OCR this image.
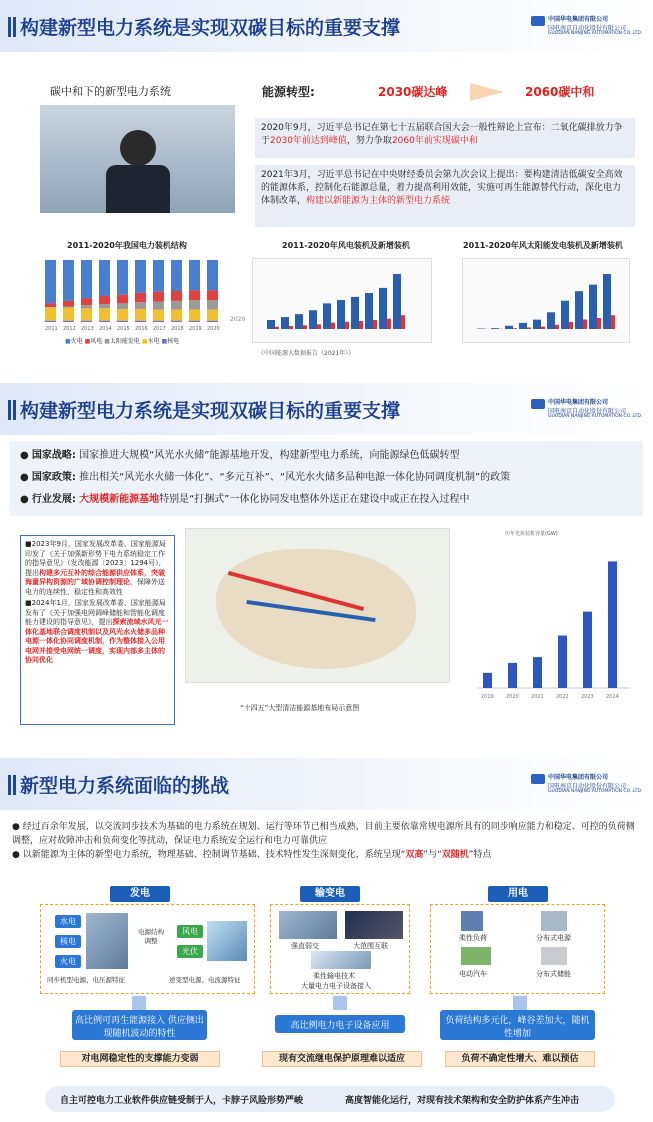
构建新型电力系统是实现双碳目标的重要支撑	中国华电集团有限公司
国电南京自动化股份有限公司
GUODIAN NANJING AUTOMATION CO.,LTD.
碳中和下的新型电力系统	能源转型:	2030碳达峰	2060碳中和
2020年9月，习近平总书记在第七十五届联合国大会一般性辩论上宣布：二氧化碳排放力争于2030年前达到峰值，努力争取2060年前实现碳中和
2021年3月，习近平总书记在中央财经委员会第九次会议上提出：要构建清洁低碳安全高效的能源体系，控制化石能源总量，着力提高利用效能，实施可再生能源替代行动，深化电力体制改革，构建以新能源为主体的新型电力系统
2011-2020年我国电力装机结构	2011-2020年风电装机及新增装机	2011-2020年风太阳能发电装机及新增装机
2011 2012 2013 2014 2015 2016 2017 2018 2019 2020
■火电 ■风电 ■太阳能发电 ■水电 ■核电
2020
《中国能源大数据报告（2021年）》
构建新型电力系统是实现双碳目标的重要支撑	中国华电集团有限公司
国电南京自动化股份有限公司
GUODIAN NANJING AUTOMATION CO.,LTD.
● 国家战略: 国家推进大规模“风光水火储”能源基地开发，构建新型电力系统，向能源绿色低碳转型
● 国家政策: 推出相关“风光水火储一体化”、“多元互补”、“风光水火储多品种电源一体化协同调度机制”的政策
● 行业发展: 大规模新能源基地特别是“打捆式”一体化协同发电整体外送正在建设中或正在投入过程中
■2023年9月，国家发展改革委、国家能源局印发了《关于加强新形势下电力系统稳定工作的指导意见》（发改能源〔2023〕1294号），提出构建多元互补的综合能源供应体系，突破海量异构资源的广域协调控制理论，保障外送电力的连续性、稳定性和高效性
■2024年1月，国家发展改革委、国家能源局发布了《关于加强电网调峰储能和智能化调度能力建设的指导意见》，提出探索流域水风光一体化基地联合调度机制以及风光水火储多品种电源一体化协同调度机制，作为整体接入公用电网并接受电网统一调度，实现内部多主体的协同优化
“十四五”大型清洁能源基地布局示意图
历年光伏装机容量(GW)
2019 2020 2021 2022 2023 2024
新型电力系统面临的挑战	中国华电集团有限公司
国电南京自动化股份有限公司
GUODIAN NANJING AUTOMATION CO.,LTD.
● 经过百余年发展，以交流同步技术为基础的电力系统在规划、运行等环节已相当成熟，目前主要依靠常规电源所具有的同步响应能力和稳定、可控的负荷侧调整，应对故障冲击和负荷变化等扰动，保证电力系统安全运行和电力可靠供应
● 以新能源为主体的新型电力系统，物理基础、控制调节基础、技术特性发生深刻变化，系统呈现“双高”与“双随机”特点
发电	输变电	用电
水电
核电
火电
同步机型电源、电压源特征
电源结构调整
风电
光伏
逆变型电源、电流源特征
强直弱交	大范围互联
柔性输电技术
大量电力电子设备接入
柔性负荷	分布式电源
电动汽车	分布式储能
高比例可再生能源接入 供应侧出现随机波动的特性
高比例电力电子设备应用	负荷结构多元化，峰谷差加大，随机性增加
对电网稳定性的支撑能力变弱	现有交流继电保护原理难以适应	负荷不确定性增大、难以预估
自主可控电力工业软件供应链受制于人，卡脖子风险形势严峻	高度智能化运行，对现有技术架构和安全防护体系产生冲击
